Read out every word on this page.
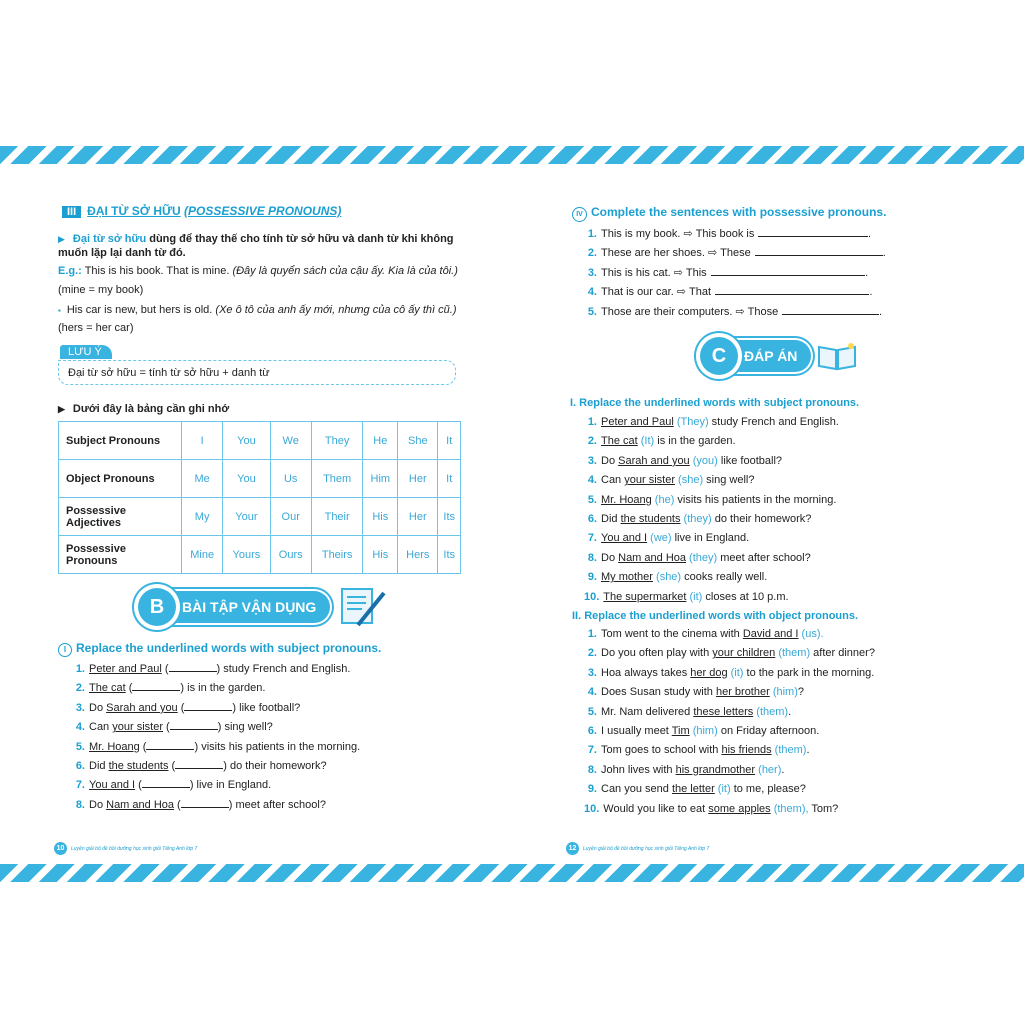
III ĐẠI TỪ SỞ HỮU (POSSESSIVE PRONOUNS)
▶ Đại từ sở hữu dùng để thay thế cho tính từ sở hữu và danh từ khi không
muốn lặp lại danh từ đó.
E.g.: This is his book. That is mine. (Đây là quyển sách của cậu ấy. Kia là của tôi.)
(mine = my book)
▪ His car is new, but hers is old. (Xe ô tô của anh ấy mới, nhưng của cô ấy thì cũ.)
(hers = her car)
LƯU Ý
Đại từ sở hữu = tính từ sở hữu + danh từ
▶ Dưới đây là bảng cần ghi nhớ
Subject Pronouns	I	You	We	They	He	She	It
Object Pronouns	Me	You	Us	Them	Him	Her	It
Possessive Adjectives	My	Your	Our	Their	His	Her	Its
Possessive Pronouns	Mine	Yours	Ours	Theirs	His	Hers	Its
B	BÀI TẬP VẬN DỤNG
I Replace the underlined words with subject pronouns.
1. Peter and Paul (	) study French and English.
2. The cat (	) is in the garden.
3. Do Sarah and you (	) like football?
4. Can your sister (	) sing well?
5. Mr. Hoang (	) visits his patients in the morning.
6. Did the students (	) do their homework?
7. You and I (	) live in England.
8. Do Nam and Hoa (	) meet after school?
10	Luyện giải bộ đề bồi dưỡng học sinh giỏi Tiếng Anh lớp 7
IV Complete the sentences with possessive pronouns.
1. This is my book. ⇨ This book is	.
2. These are her shoes. ⇨ These	.
3. This is his cat. ⇨ This	.
4. That is our car. ⇨ That	.
5. Those are their computers. ⇨ Those	.
C	ĐÁP ÁN
I. Replace the underlined words with subject pronouns.
1. Peter and Paul (They) study French and English.
2. The cat (It) is in the garden.
3. Do Sarah and you (you) like football?
4. Can your sister (she) sing well?
5. Mr. Hoang (he) visits his patients in the morning.
6. Did the students (they) do their homework?
7. You and I (we) live in England.
8. Do Nam and Hoa (they) meet after school?
9. My mother (she) cooks really well.
10. The supermarket (it) closes at 10 p.m.
II. Replace the underlined words with object pronouns.
1. Tom went to the cinema with David and I (us).
2. Do you often play with your children (them) after dinner?
3. Hoa always takes her dog (it) to the park in the morning.
4. Does Susan study with her brother (him)?
5. Mr. Nam delivered these letters (them).
6. I usually meet Tim (him) on Friday afternoon.
7. Tom goes to school with his friends (them).
8. John lives with his grandmother (her).
9. Can you send the letter (it) to me, please?
10. Would you like to eat some apples (them), Tom?
12	Luyện giải bộ đề bồi dưỡng học sinh giỏi Tiếng Anh lớp 7
